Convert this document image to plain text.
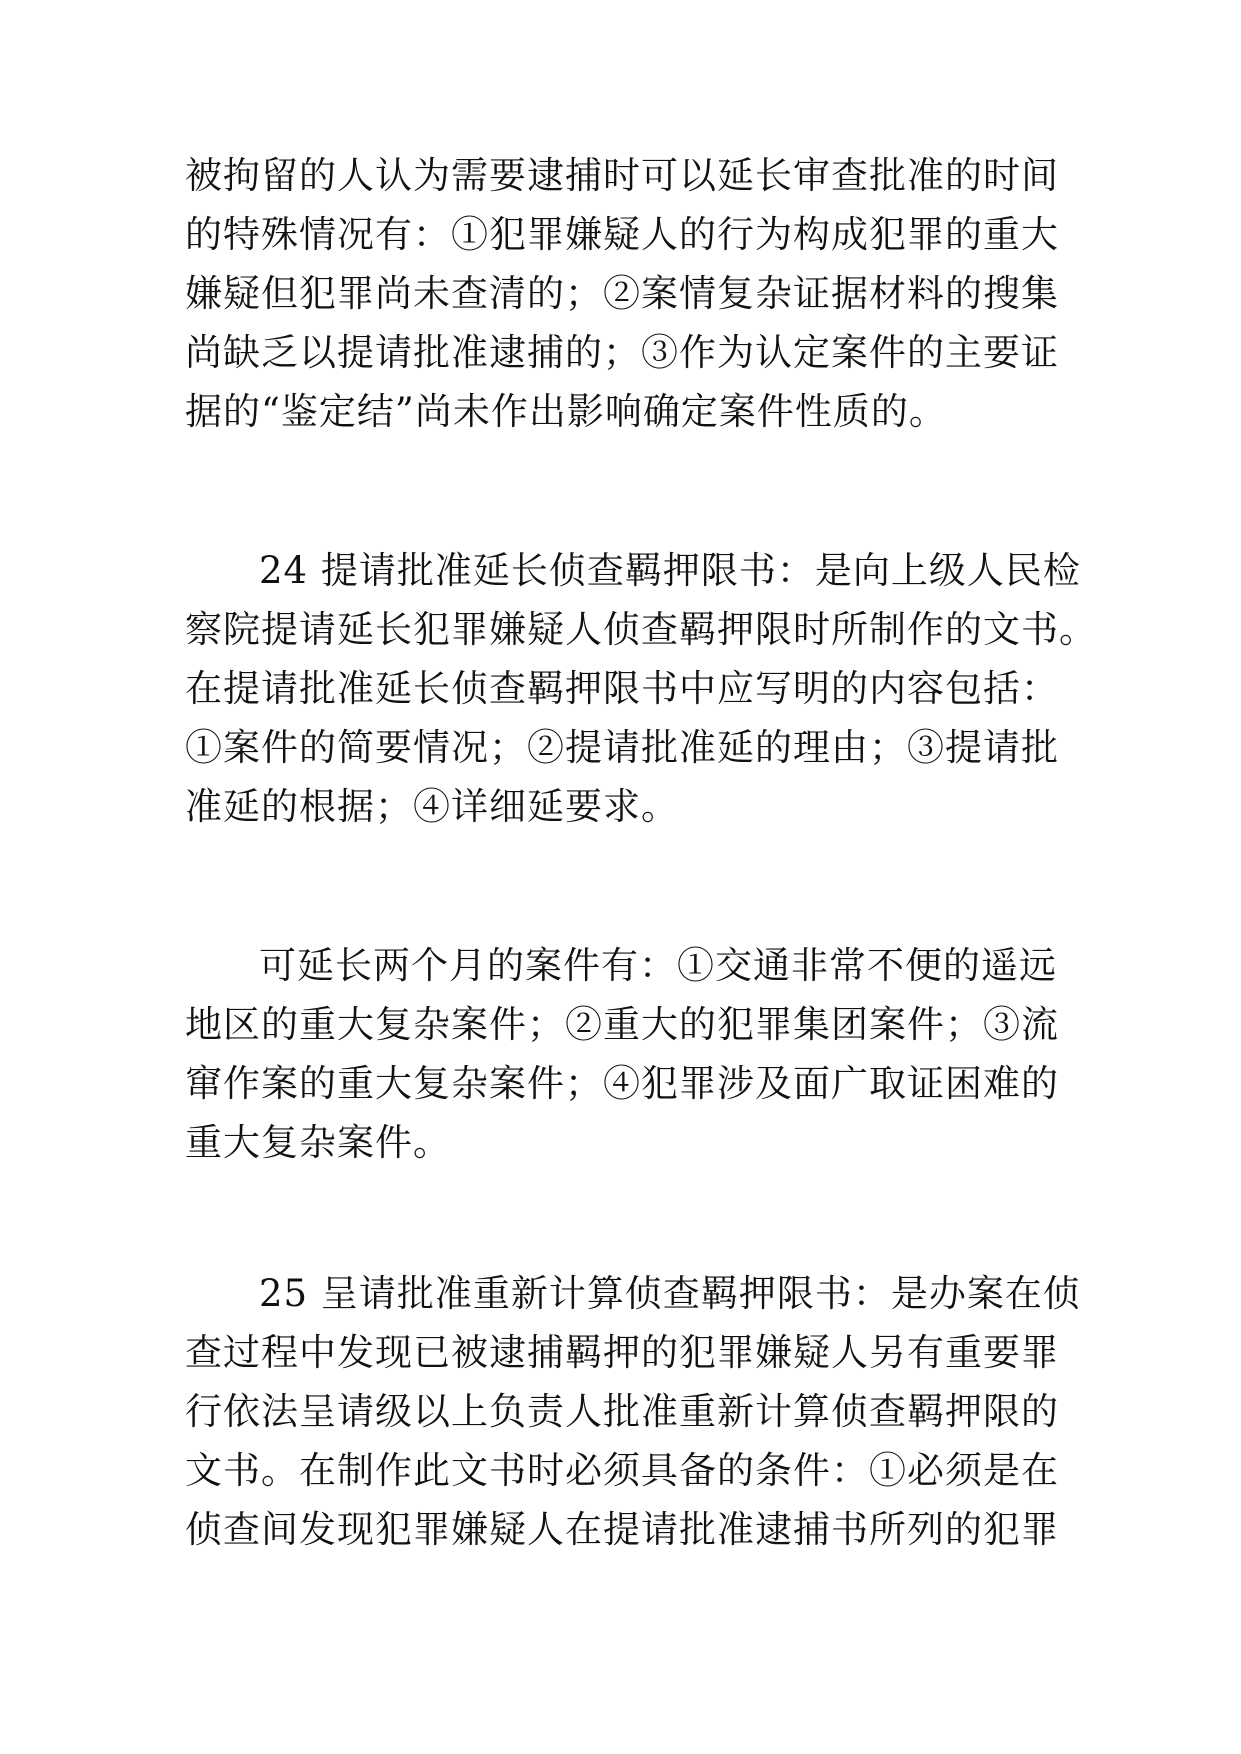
被拘留的人认为需要逮捕时可以延长审查批准的时间
的特殊情况有：①犯罪嫌疑人的行为构成犯罪的重大
嫌疑但犯罪尚未查清的；②案情复杂证据材料的搜集
尚缺乏以提请批准逮捕的；③作为认定案件的主要证
据的“鉴定结”尚未作出影响确定案件性质的。
24 提请批准延长侦查羁押限书：是向上级人民检
察院提请延长犯罪嫌疑人侦查羁押限时所制作的文书。
在提请批准延长侦查羁押限书中应写明的内容包括：
①案件的简要情况；②提请批准延的理由；③提请批
准延的根据；④详细延要求。
可延长两个月的案件有：①交通非常不便的遥远
地区的重大复杂案件；②重大的犯罪集团案件；③流
窜作案的重大复杂案件；④犯罪涉及面广取证困难的
重大复杂案件。
25 呈请批准重新计算侦查羁押限书：是办案在侦
查过程中发现已被逮捕羁押的犯罪嫌疑人另有重要罪
行依法呈请级以上负责人批准重新计算侦查羁押限的
文书。在制作此文书时必须具备的条件：①必须是在
侦查间发现犯罪嫌疑人在提请批准逮捕书所列的犯罪
